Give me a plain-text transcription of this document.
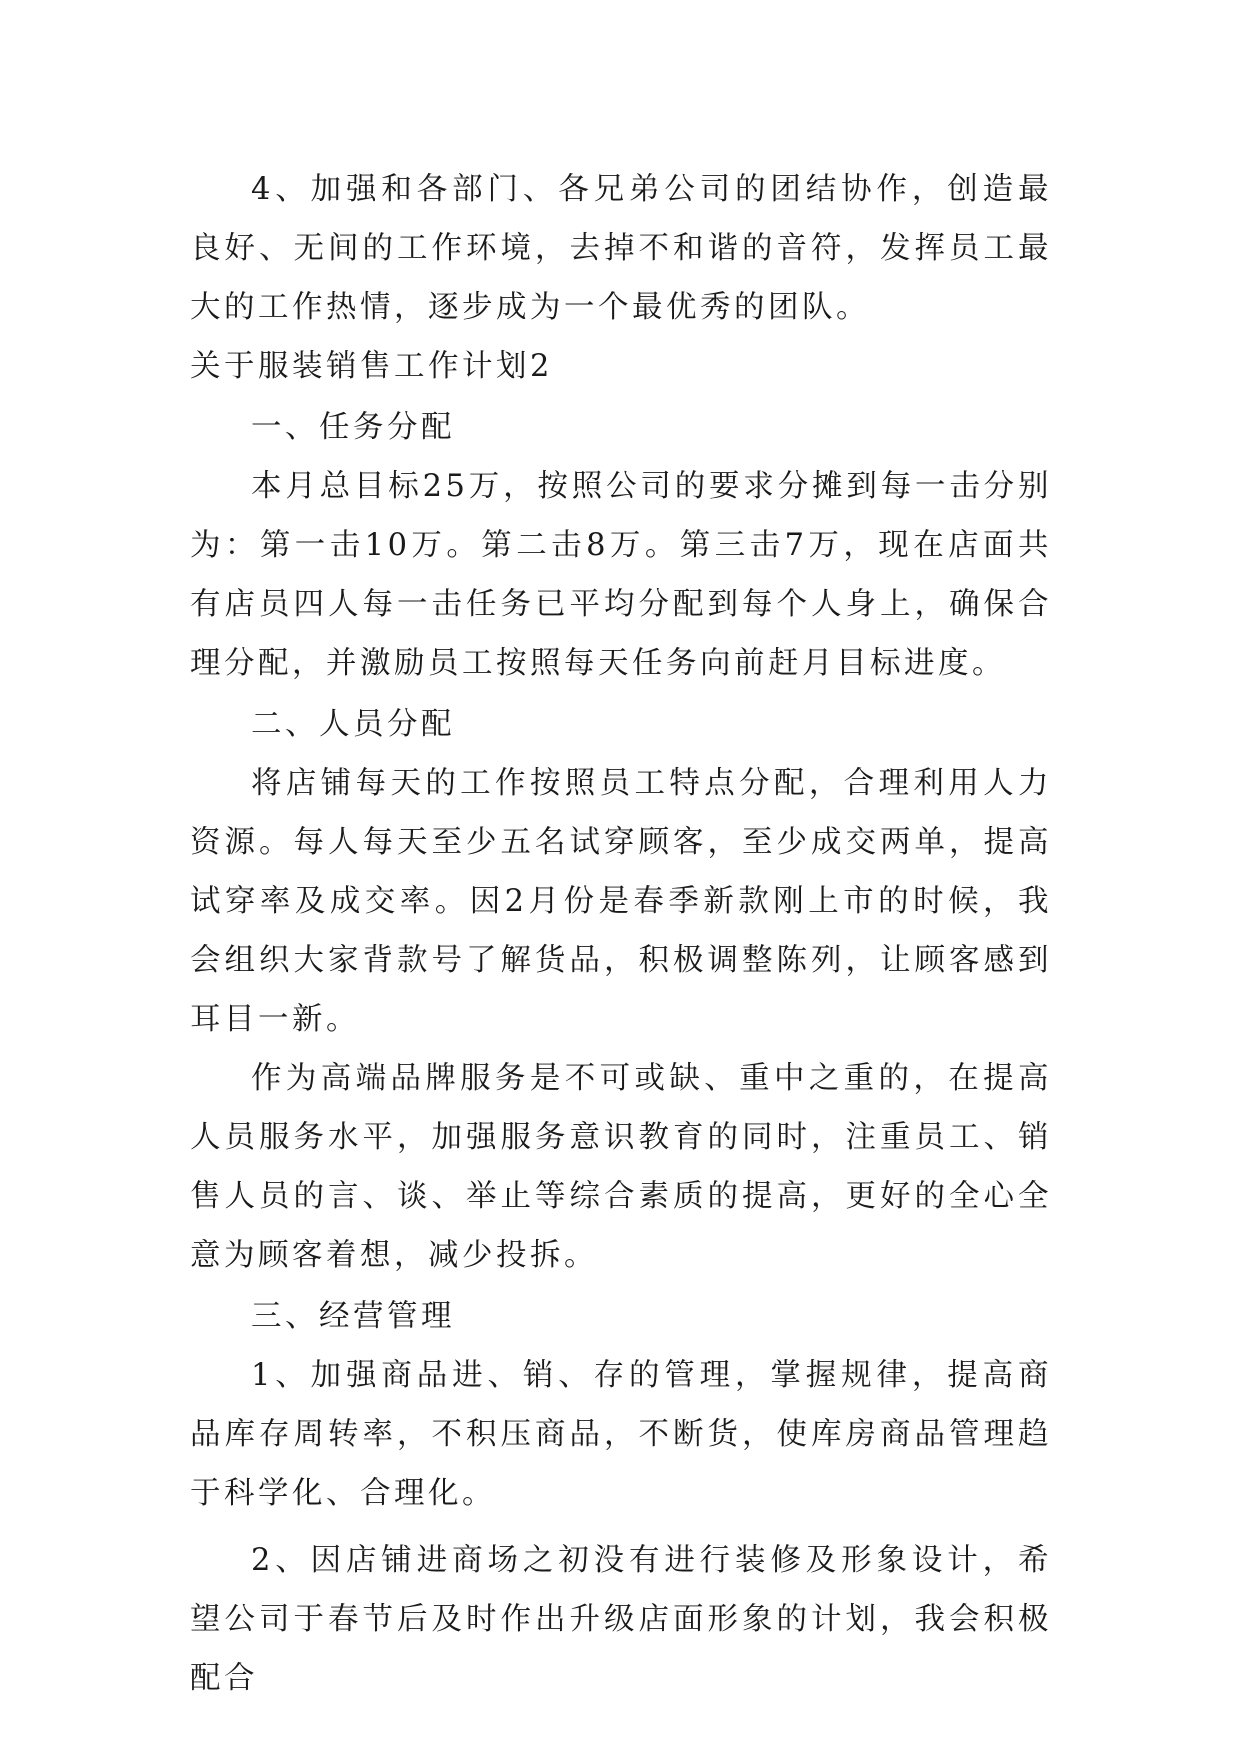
4、加强和各部门、各兄弟公司的团结协作，创造最良好、无间的工作环境，去掉不和谐的音符，发挥员工最大的工作热情，逐步成为一个最优秀的团队。

关于服装销售工作计划2

一、任务分配

本月总目标25万，按照公司的要求分摊到每一击分别为：第一击10万。第二击8万。第三击7万，现在店面共有店员四人每一击任务已平均分配到每个人身上，确保合理分配，并激励员工按照每天任务向前赶月目标进度。

二、人员分配

将店铺每天的工作按照员工特点分配，合理利用人力资源。每人每天至少五名试穿顾客，至少成交两单，提高试穿率及成交率。因2月份是春季新款刚上市的时候，我会组织大家背款号了解货品，积极调整陈列，让顾客感到耳目一新。

作为高端品牌服务是不可或缺、重中之重的，在提高人员服务水平，加强服务意识教育的同时，注重员工、销售人员的言、谈、举止等综合素质的提高，更好的全心全意为顾客着想，减少投拆。

三、经营管理

1、加强商品进、销、存的管理，掌握规律，提高商品库存周转率，不积压商品，不断货，使库房商品管理趋于科学化、合理化。

2、因店铺进商场之初没有进行装修及形象设计，希望公司于春节后及时作出升级店面形象的计划，我会积极配合
